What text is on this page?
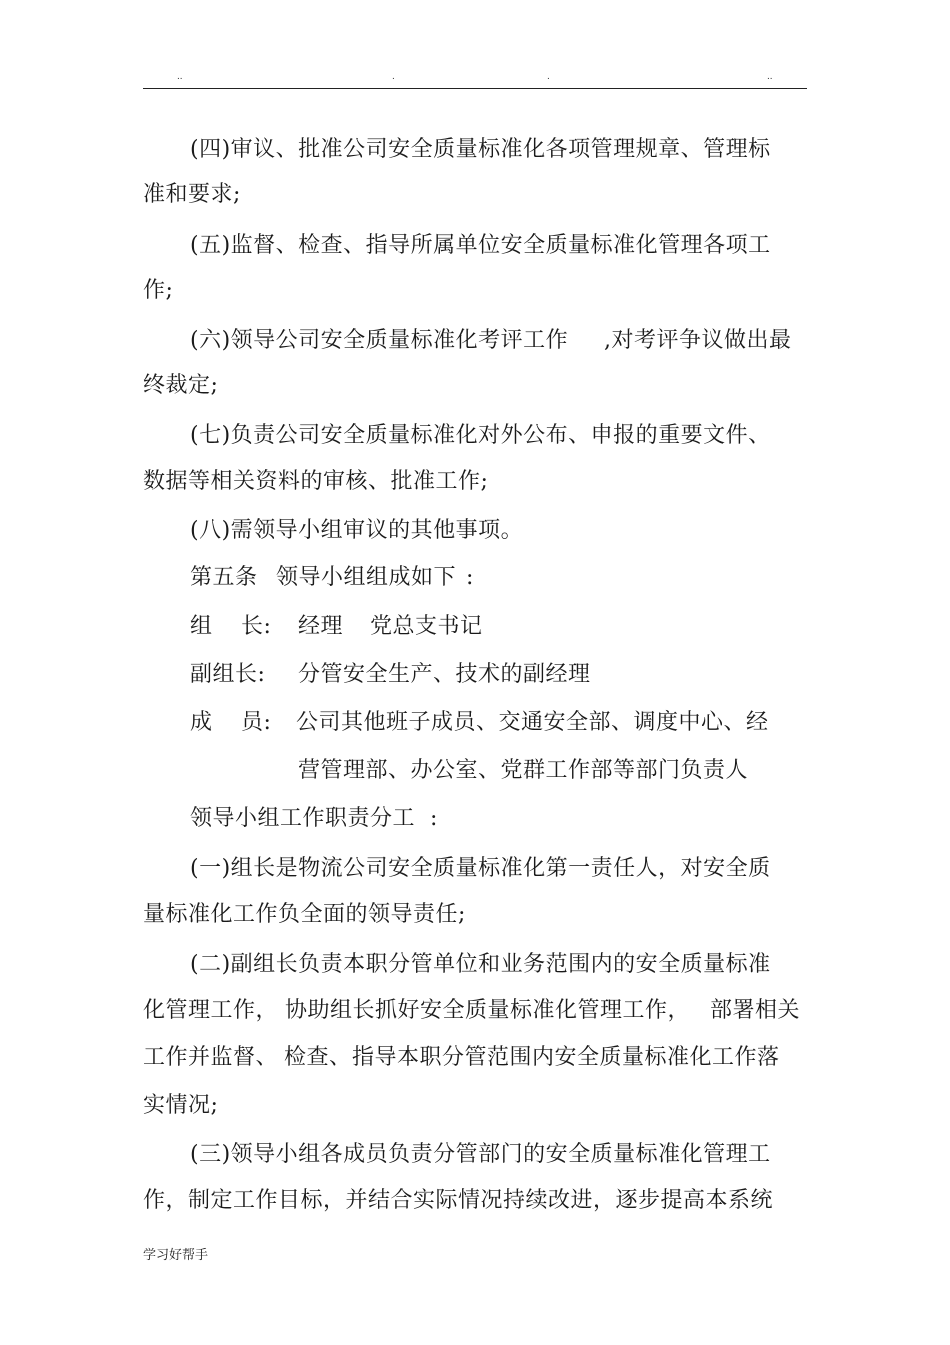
..	.	.	..
(四)审议、批准公司安全质量标准化各项管理规章、管理标
准和要求;
(五)监督、检查、指导所属单位安全质量标准化管理各项工
作;
(六)领导公司安全质量标准化考评工作 ,对考评争议做出最
终裁定;
(七)负责公司安全质量标准化对外公布、申报的重要文件、
数据等相关资料的审核、批准工作;
(八)需领导小组审议的其他事项。
第五条 领导小组组成如下 :
组 长: 经理 党总支书记
副组长: 分管安全生产、技术的副经理
成 员: 公司其他班子成员、交通安全部、调度中心、经
营管理部、办公室、党群工作部等部门负责人
领导小组工作职责分工 :
(一)组长是物流公司安全质量标准化第一责任人，对安全质
量标准化工作负全面的领导责任;
(二)副组长负责本职分管单位和业务范围内的安全质量标准
化管理工作， 协助组长抓好安全质量标准化管理工作， 部署相关
工作并监督、 检查、 指导本职分管范围内安全质量标准化工作落
实情况;
(三)领导小组各成员负责分管部门的安全质量标准化管理工
作，制定工作目标，并结合实际情况持续改进，逐步提高本系统
学习好帮手
